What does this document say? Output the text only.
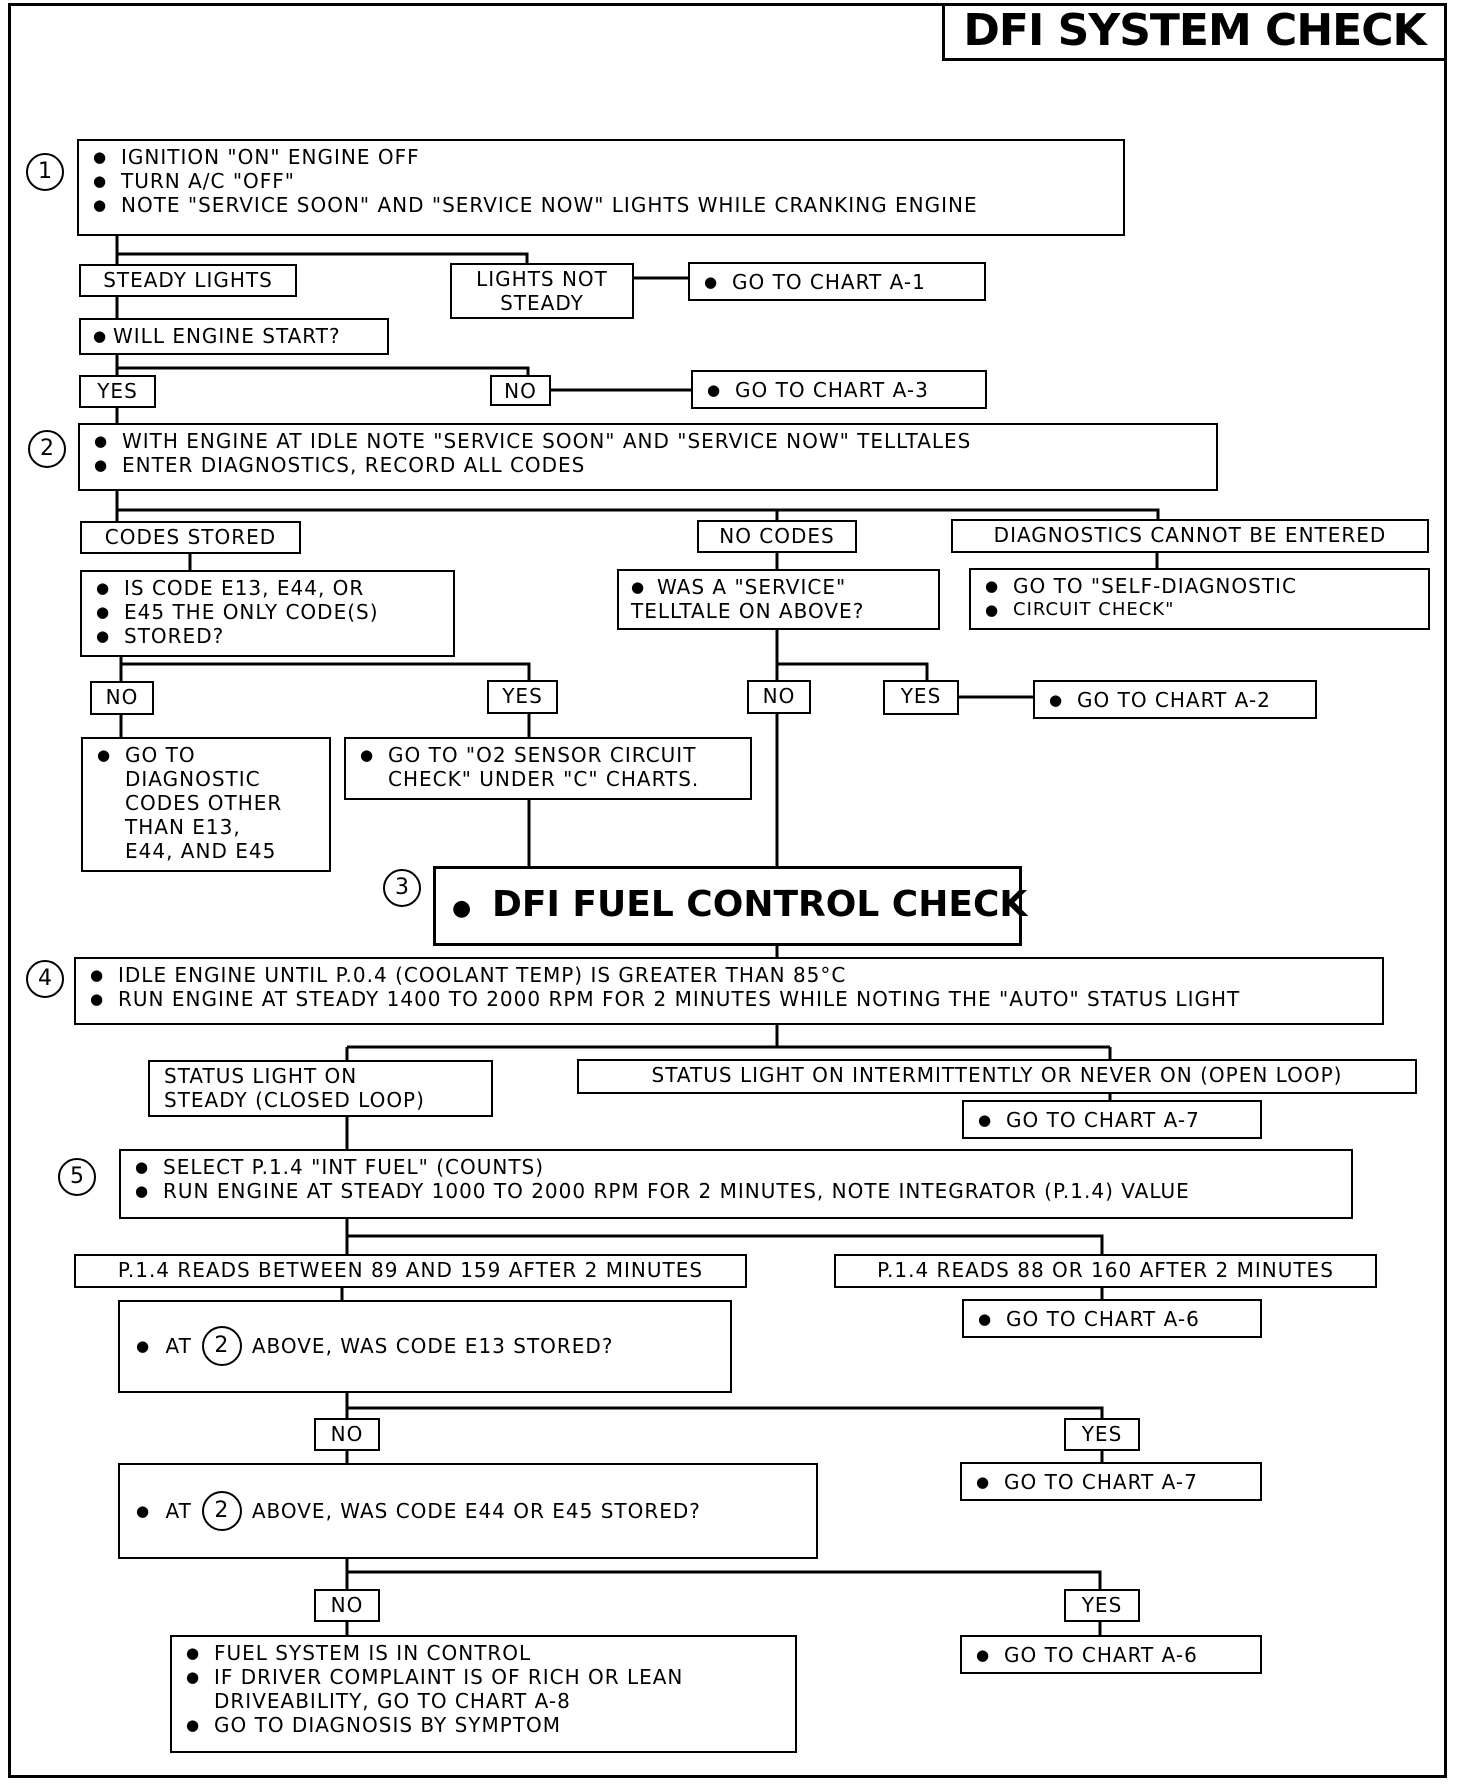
DFI SYSTEM CHECK
1
2
3
4
5
● IGNITION "ON" ENGINE OFF
● TURN A/C "OFF"
● NOTE "SERVICE SOON" AND "SERVICE NOW" LIGHTS WHILE CRANKING ENGINE
STEADY LIGHTS	LIGHTS NOT
STEADY
● GO TO CHART A-1
● WILL ENGINE START?
YES	NO	● GO TO CHART A-3
● WITH ENGINE AT IDLE NOTE "SERVICE SOON" AND "SERVICE NOW" TELLTALES
● ENTER DIAGNOSTICS, RECORD ALL CODES
CODES STORED	NO CODES	DIAGNOSTICS CANNOT BE ENTERED
● IS CODE E13, E44, OR
● E45 THE ONLY CODE(S)
● STORED?
● WAS A "SERVICE"
TELLTALE ON ABOVE?
● GO TO "SELF-DIAGNOSTIC
● CIRCUIT CHECK"
NO	YES	NO	YES	● GO TO CHART A-2
● GO TO
DIAGNOSTIC
CODES OTHER
THAN E13,
E44, AND E45
● GO TO "O2 SENSOR CIRCUIT
CHECK" UNDER "C" CHARTS.
● DFI FUEL CONTROL CHECK
● IDLE ENGINE UNTIL P.0.4 (COOLANT TEMP) IS GREATER THAN 85°C
● RUN ENGINE AT STEADY 1400 TO 2000 RPM FOR 2 MINUTES WHILE NOTING THE "AUTO" STATUS LIGHT
STATUS LIGHT ON
STEADY (CLOSED LOOP)
STATUS LIGHT ON INTERMITTENTLY OR NEVER ON (OPEN LOOP)
● GO TO CHART A-7
● SELECT P.1.4 "INT FUEL" (COUNTS)
● RUN ENGINE AT STEADY 1000 TO 2000 RPM FOR 2 MINUTES, NOTE INTEGRATOR (P.1.4) VALUE
P.1.4 READS BETWEEN 89 AND 159 AFTER 2 MINUTES	P.1.4 READS 88 OR 160 AFTER 2 MINUTES
● GO TO CHART A-6
● AT 2 ABOVE, WAS CODE E13 STORED?
NO	YES
● GO TO CHART A-7
● AT 2 ABOVE, WAS CODE E44 OR E45 STORED?
NO	YES
● GO TO CHART A-6
● FUEL SYSTEM IS IN CONTROL
● IF DRIVER COMPLAINT IS OF RICH OR LEAN
DRIVEABILITY, GO TO CHART A-8
● GO TO DIAGNOSIS BY SYMPTOM
